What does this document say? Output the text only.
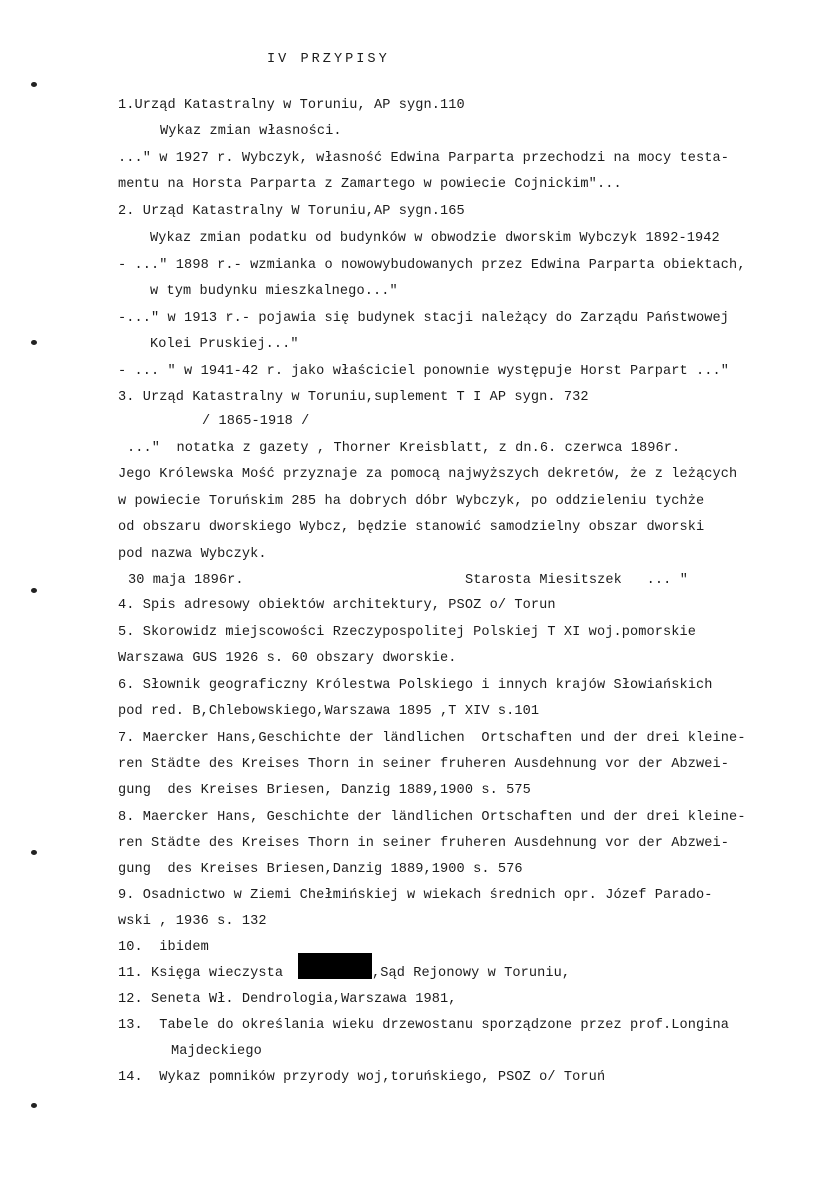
IV PRZYPISY
1.Urząd Katastralny w Toruniu, AP sygn.110
Wykaz zmian własności.
..." w 1927 r. Wybczyk, własność Edwina Parparta przechodzi na mocy testa-
mentu na Horsta Parparta z Zamartego w powiecie Cojnickim"...
2. Urząd Katastralny W Toruniu,AP sygn.165
Wykaz zmian podatku od budynków w obwodzie dworskim Wybczyk 1892-1942
- ..." 1898 r.- wzmianka o nowowybudowanych przez Edwina Parparta obiektach,
w tym budynku mieszkalnego..."
-..." w 1913 r.- pojawia się budynek stacji należący do Zarządu Państwowej
Kolei Pruskiej..."
- ... " w 1941-42 r. jako właściciel ponownie występuje Horst Parpart ..."
3. Urząd Katastralny w Toruniu,suplement T I AP sygn. 732
/ 1865-1918 /
..."  notatka z gazety , Thorner Kreisblatt, z dn.6. czerwca 1896r.
Jego Królewska Mość przyznaje za pomocą najwyższych dekretów, że z leżących
w powiecie Toruńskim 285 ha dobrych dóbr Wybczyk, po oddzieleniu tychże
od obszaru dworskiego Wybcz, będzie stanowić samodzielny obszar dworski
pod nazwa Wybczyk.
30 maja 1896r.	Starosta Miesitszek   ... "
4. Spis adresowy obiektów architektury, PSOZ o/ Torun
5. Skorowidz miejscowości Rzeczypospolitej Polskiej T XI woj.pomorskie
Warszawa GUS 1926 s. 60 obszary dworskie.
6. Słownik geograficzny Królestwa Polskiego i innych krajów Słowiańskich
pod red. B,Chlebowskiego,Warszawa 1895 ,T XIV s.101
7. Maercker Hans,Geschichte der ländlichen  Ortschaften und der drei kleine-
ren Städte des Kreises Thorn in seiner fruheren Ausdehnung vor der Abzwei-
gung  des Kreises Briesen, Danzig 1889,1900 s. 575
8. Maercker Hans, Geschichte der ländlichen Ortschaften und der drei kleine-
ren Städte des Kreises Thorn in seiner fruheren Ausdehnung vor der Abzwei-
gung  des Kreises Briesen,Danzig 1889,1900 s. 576
9. Osadnictwo w Ziemi Chełmińskiej w wiekach średnich opr. Józef Parado-
wski , 1936 s. 132
10.  ibidem
11. Księga wieczysta	,Sąd Rejonowy w Toruniu,
12. Seneta Wł. Dendrologia,Warszawa 1981,
13.  Tabele do określania wieku drzewostanu sporządzone przez prof.Longina
Majdeckiego
14.  Wykaz pomników przyrody woj,toruńskiego, PSOZ o/ Toruń
